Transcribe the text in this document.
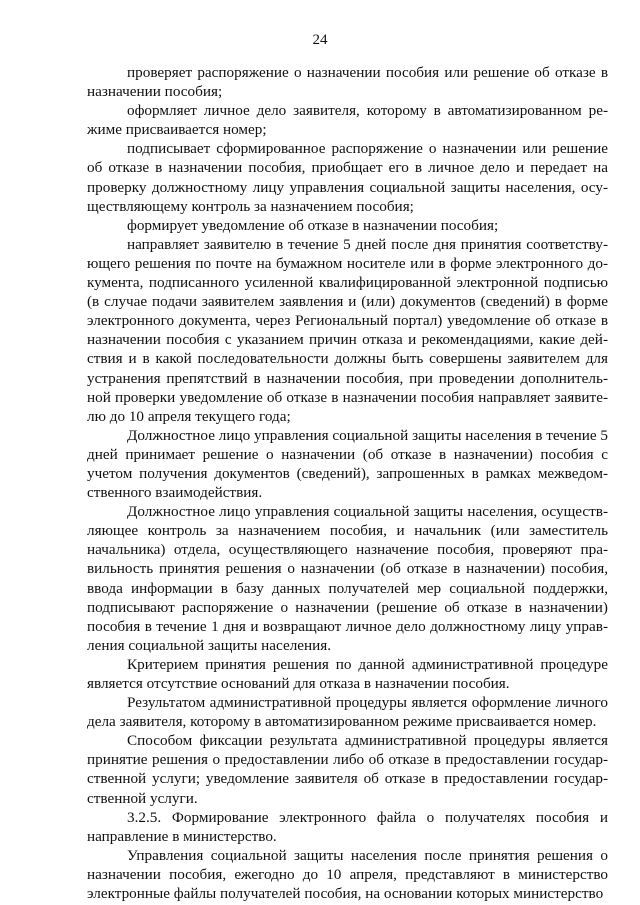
24

проверяет распоряжение о назначении пособия или решение об отказе в назначении пособия;

оформляет личное дело заявителя, которому в автоматизированном режиме присваивается номер;

подписывает сформированное распоряжение о назначении или решение об отказе в назначении пособия, приобщает его в личное дело и передает на проверку должностному лицу управления социальной защиты населения, осуществляющему контроль за назначением пособия;

формирует уведомление об отказе в назначении пособия;

направляет заявителю в течение 5 дней после дня принятия соответствующего решения по почте на бумажном носителе или в форме электронного документа, подписанного усиленной квалифицированной электронной подписью (в случае подачи заявителем заявления и (или) документов (сведений) в форме электронного документа, через Региональный портал) уведомление об отказе в назначении пособия с указанием причин отказа и рекомендациями, какие действия и в какой последовательности должны быть совершены заявителем для устранения препятствий в назначении пособия, при проведении дополнительной проверки уведомление об отказе в назначении пособия направляет заявителю до 10 апреля текущего года;

Должностное лицо управления социальной защиты населения в течение 5 дней принимает решение о назначении (об отказе в назначении) пособия с учетом получения документов (сведений), запрошенных в рамках межведомственного взаимодействия.

Должностное лицо управления социальной защиты населения, осуществляющее контроль за назначением пособия, и начальник (или заместитель начальника) отдела, осуществляющего назначение пособия, проверяют правильность принятия решения о назначении (об отказе в назначении) пособия, ввода информации в базу данных получателей мер социальной поддержки, подписывают распоряжение о назначении (решение об отказе в назначении) пособия в течение 1 дня и возвращают личное дело должностному лицу управления социальной защиты населения.

Критерием принятия решения по данной административной процедуре является отсутствие оснований для отказа в назначении пособия.

Результатом административной процедуры является оформление личного дела заявителя, которому в автоматизированном режиме присваивается номер.

Способом фиксации результата административной процедуры является принятие решения о предоставлении либо об отказе в предоставлении государственной услуги; уведомление заявителя об отказе в предоставлении государственной услуги.

3.2.5. Формирование электронного файла о получателях пособия и направление в министерство.

Управления социальной защиты населения после принятия решения о назначении пособия, ежегодно до 10 апреля, представляют в министерство электронные файлы получателей пособия, на основании которых министерство
